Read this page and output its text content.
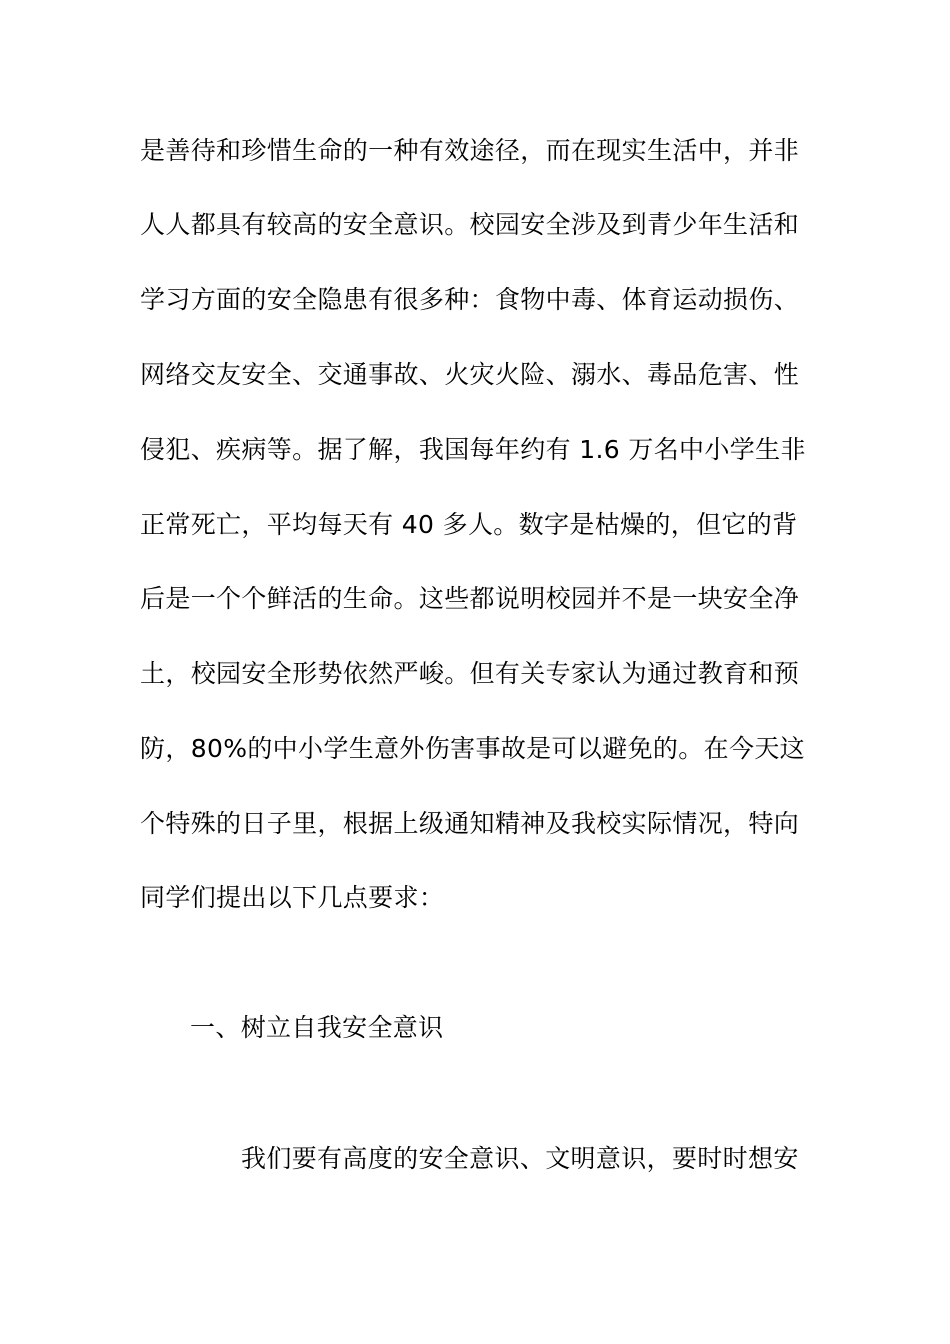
是善待和珍惜生命的一种有效途径，而在现实生活中，并非
人人都具有较高的安全意识。校园安全涉及到青少年生活和
学习方面的安全隐患有很多种：食物中毒、体育运动损伤、
网络交友安全、交通事故、火灾火险、溺水、毒品危害、性
侵犯、疾病等。据了解，我国每年约有 1.6 万名中小学生非
正常死亡，平均每天有 40 多人。数字是枯燥的，但它的背
后是一个个鲜活的生命。这些都说明校园并不是一块安全净
土，校园安全形势依然严峻。但有关专家认为通过教育和预
防，80%的中小学生意外伤害事故是可以避免的。在今天这
个特殊的日子里，根据上级通知精神及我校实际情况，特向
同学们提出以下几点要求：
一、树立自我安全意识
我们要有高度的安全意识、文明意识，要时时想安
